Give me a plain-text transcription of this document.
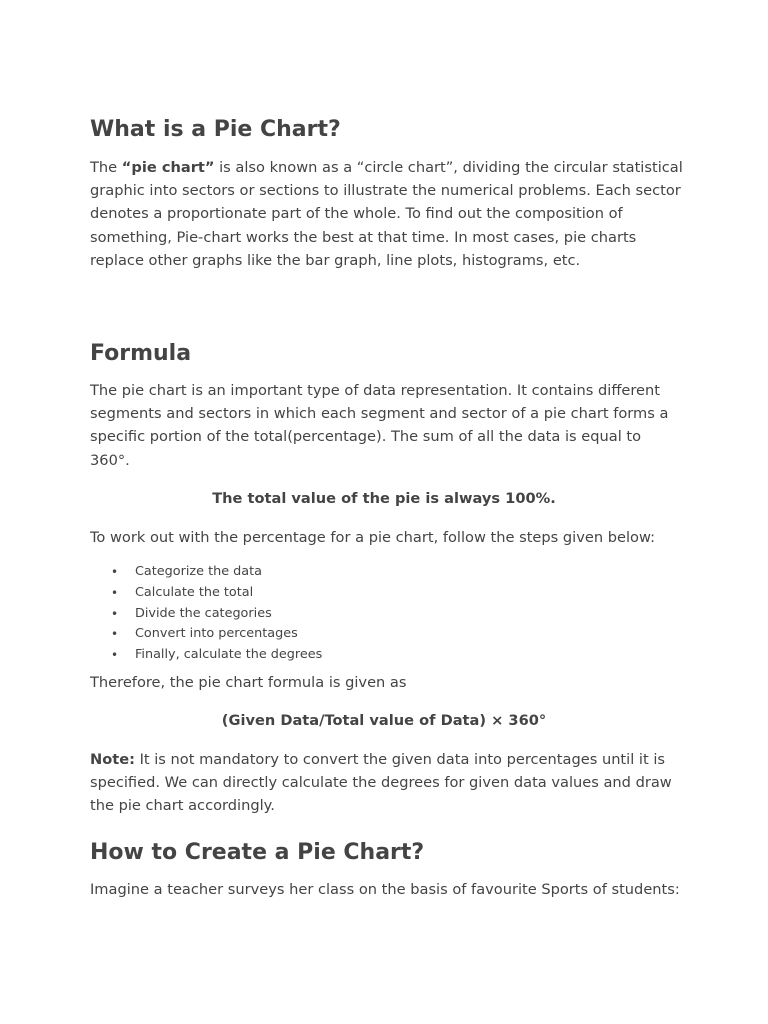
What is a Pie Chart?

The “pie chart” is also known as a “circle chart”, dividing the circular statistical graphic into sectors or sections to illustrate the numerical problems. Each sector denotes a proportionate part of the whole. To find out the composition of something, Pie-chart works the best at that time. In most cases, pie charts replace other graphs like the bar graph, line plots, histograms, etc.

Formula

The pie chart is an important type of data representation. It contains different segments and sectors in which each segment and sector of a pie chart forms a specific portion of the total(percentage). The sum of all the data is equal to 360°.

The total value of the pie is always 100%.

To work out with the percentage for a pie chart, follow the steps given below:

• Categorize the data
• Calculate the total
• Divide the categories
• Convert into percentages
• Finally, calculate the degrees

Therefore, the pie chart formula is given as

(Given Data/Total value of Data) × 360°

Note: It is not mandatory to convert the given data into percentages until it is specified. We can directly calculate the degrees for given data values and draw the pie chart accordingly.

How to Create a Pie Chart?

Imagine a teacher surveys her class on the basis of favourite Sports of students:
